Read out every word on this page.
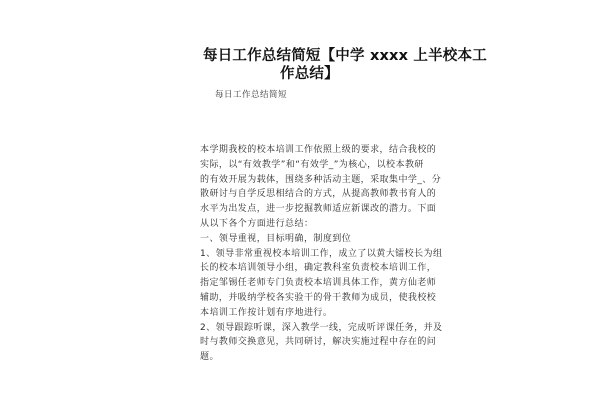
每日工作总结简短【中学 xxxx 上半校本工
作总结】
每日工作总结简短
本学期我校的校本培训工作依照上级的要求，结合我校的
实际，以“有效教学”和“有效学_”为核心，以校本教研
的有效开展为载体，围绕多种活动主题，采取集中学_、分
散研讨与自学反思相结合的方式，从提高教师教书育人的
水平为出发点，进一步挖掘教师适应新课改的潜力。下面
从以下各个方面进行总结：
一、领导重视，目标明确，制度到位
1、领导非常重视校本培训工作，成立了以黄大镭校长为组
长的校本培训领导小组，确定教科室负责校本培训工作，
指定邹锡任老师专门负责校本培训具体工作，黄方仙老师
辅助，并吸纳学校各实验干的骨干教师为成员，使我校校
本培训工作按计划有序地进行。
2、领导跟踪听课，深入教学一线，完成听评课任务，并及
时与教师交换意见，共同研讨，解决实施过程中存在的问
题。
